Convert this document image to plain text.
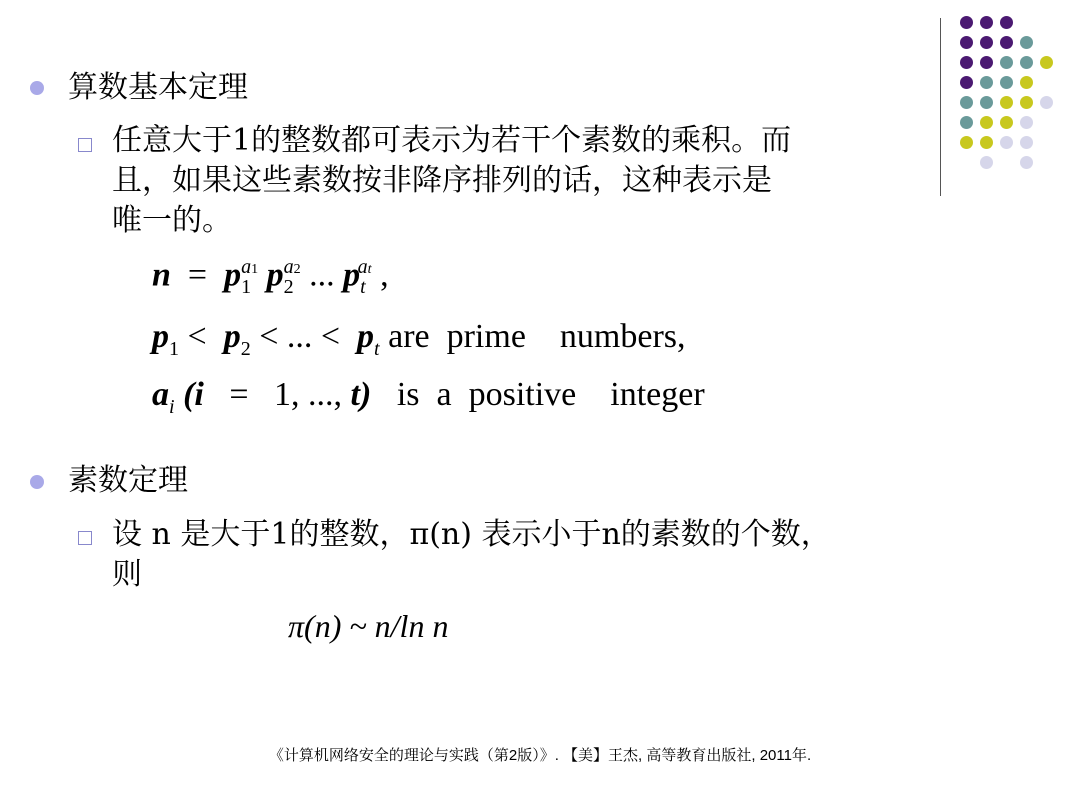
算数基本定理
任意大于1的整数都可表示为若干个素数的乘积。而
且，如果这些素数按非降序排列的话，这种表示是
唯一的。
$n = p_1^{a1}$ $p_2^{a2}$ ... $p_t^{at}$ ,
$p_1 < p_2$ < ... <  $p_t$ are  prime    numbers,
$a_i$ (i   =   1, ..., t)   is  a  positive    integer
素数定理
设 n 是大于1的整数，π(n) 表示小于n的素数的个数，
则
π(n) ~ n/ln n
《计算机网络安全的理论与实践（第2版）》. 【美】王杰, 高等教育出版社, 2011年.
